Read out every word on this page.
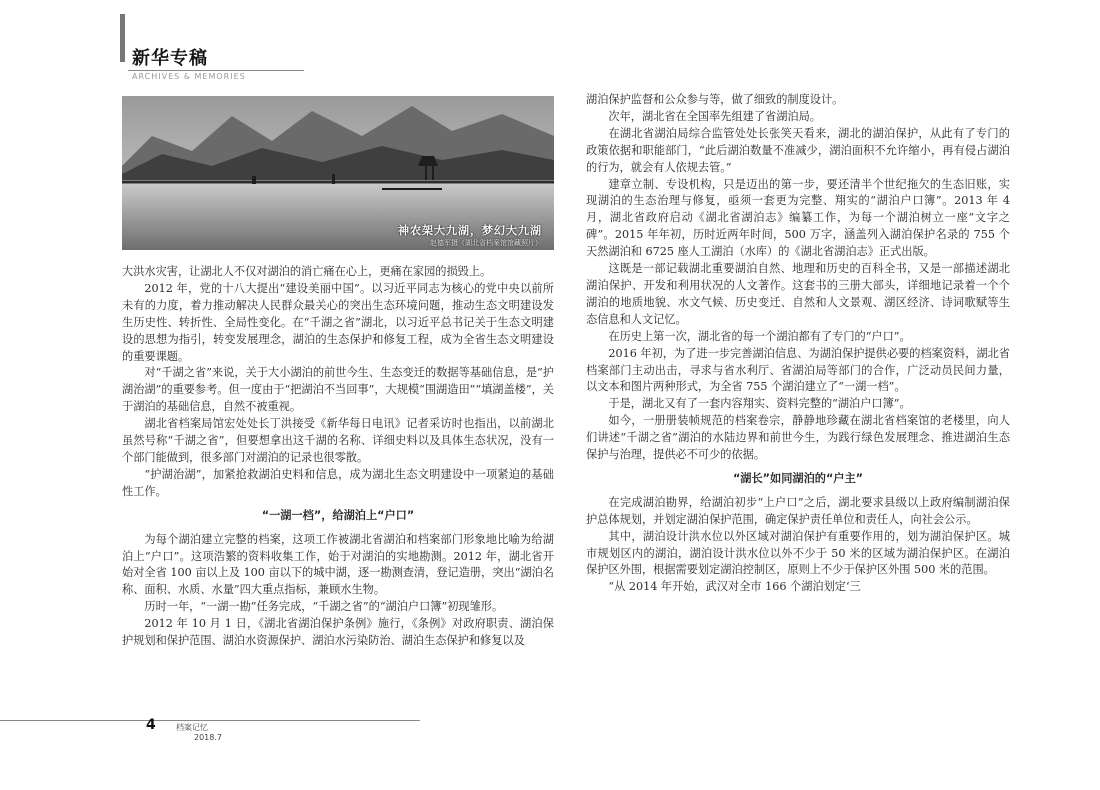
新华专稿
ARCHIVES & MEMORIES
神农架大九湖，梦幻大九湖
赵德军摄（湖北省档案馆馆藏照片）

大洪水灾害，让湖北人不仅对湖泊的消亡痛在心上，更痛在家园的损毁上。

2012 年，党的十八大提出“建设美丽中国”。以习近平同志为核心的党中央以前所未有的力度，着力推动解决人民群众最关心的突出生态环境问题，推动生态文明建设发生历史性、转折性、全局性变化。在“千湖之省”湖北，以习近平总书记关于生态文明建设的思想为指引，转变发展理念，湖泊的生态保护和修复工程，成为全省生态文明建设的重要课题。

对“千湖之省”来说，关于大小湖泊的前世今生、生态变迁的数据等基础信息，是“护湖治湖”的重要参考。但一度由于“把湖泊不当回事”，大规模“围湖造田”“填湖盖楼”，关于湖泊的基础信息，自然不被重视。

湖北省档案局馆宏处处长丁洪接受《新华每日电讯》记者采访时也指出，以前湖北虽然号称“千湖之省”，但要想拿出这千湖的名称、详细史料以及具体生态状况，没有一个部门能做到，很多部门对湖泊的记录也很零散。

“护湖治湖”，加紧抢救湖泊史料和信息，成为湖北生态文明建设中一项紧迫的基础性工作。

“一湖一档”，给湖泊上“户口”

为每个湖泊建立完整的档案，这项工作被湖北省湖泊和档案部门形象地比喻为给湖泊上“户口”。这项浩繁的资料收集工作，始于对湖泊的实地勘测。2012 年，湖北省开始对全省 100 亩以上及 100 亩以下的城中湖，逐一勘测查清，登记造册，突出“湖泊名称、面积、水质、水量”四大重点指标，兼顾水生物。

历时一年，“一湖一勘”任务完成，“千湖之省”的“湖泊户口簿”初现雏形。

2012 年 10 月 1 日，《湖北省湖泊保护条例》施行，《条例》对政府职责、湖泊保护规划和保护范围、湖泊水资源保护、湖泊水污染防治、湖泊生态保护和修复以及

湖泊保护监督和公众参与等，做了细致的制度设计。

次年，湖北省在全国率先组建了省湖泊局。

在湖北省湖泊局综合监管处处长张笑天看来，湖北的湖泊保护，从此有了专门的政策依据和职能部门，“此后湖泊数量不准减少，湖泊面积不允许缩小，再有侵占湖泊的行为，就会有人依规去管。”

建章立制、专设机构，只是迈出的第一步，要还清半个世纪拖欠的生态旧账，实现湖泊的生态治理与修复，亟须一套更为完整、翔实的“湖泊户口簿”。2013 年 4 月，湖北省政府启动《湖北省湖泊志》编纂工作，为每一个湖泊树立一座“文字之碑”。2015 年年初，历时近两年时间，500 万字，涵盖列入湖泊保护名录的 755 个天然湖泊和 6725 座人工湖泊（水库）的《湖北省湖泊志》正式出版。

这既是一部记载湖北重要湖泊自然、地理和历史的百科全书，又是一部描述湖北湖泊保护、开发和利用状况的人文著作。这套书的三册大部头，详细地记录着一个个湖泊的地质地貌、水文气候、历史变迁、自然和人文景观、湖区经济、诗词歌赋等生态信息和人文记忆。

在历史上第一次，湖北省的每一个湖泊都有了专门的“户口”。

2016 年初，为了进一步完善湖泊信息、为湖泊保护提供必要的档案资料，湖北省档案部门主动出击，寻求与省水利厅、省湖泊局等部门的合作，广泛动员民间力量，以文本和图片两种形式，为全省 755 个湖泊建立了“一湖一档”。

于是，湖北又有了一套内容翔实、资料完整的“湖泊户口簿”。

如今，一册册装帧规范的档案卷宗，静静地珍藏在湖北省档案馆的老楼里，向人们讲述“千湖之省”湖泊的水陆边界和前世今生，为践行绿色发展理念、推进湖泊生态保护与治理，提供必不可少的依据。

“湖长”如同湖泊的“户主”

在完成湖泊勘界，给湖泊初步“上户口”之后，湖北要求县级以上政府编制湖泊保护总体规划，并划定湖泊保护范围，确定保护责任单位和责任人，向社会公示。

其中，湖泊设计洪水位以外区域对湖泊保护有重要作用的，划为湖泊保护区。城市规划区内的湖泊，湖泊设计洪水位以外不少于 50 米的区域为湖泊保护区。在湖泊保护区外围，根据需要划定湖泊控制区，原则上不少于保护区外围 500 米的范围。

“从 2014 年开始，武汉对全市 166 个湖泊划定‘三

4	档案记忆
2018.7
